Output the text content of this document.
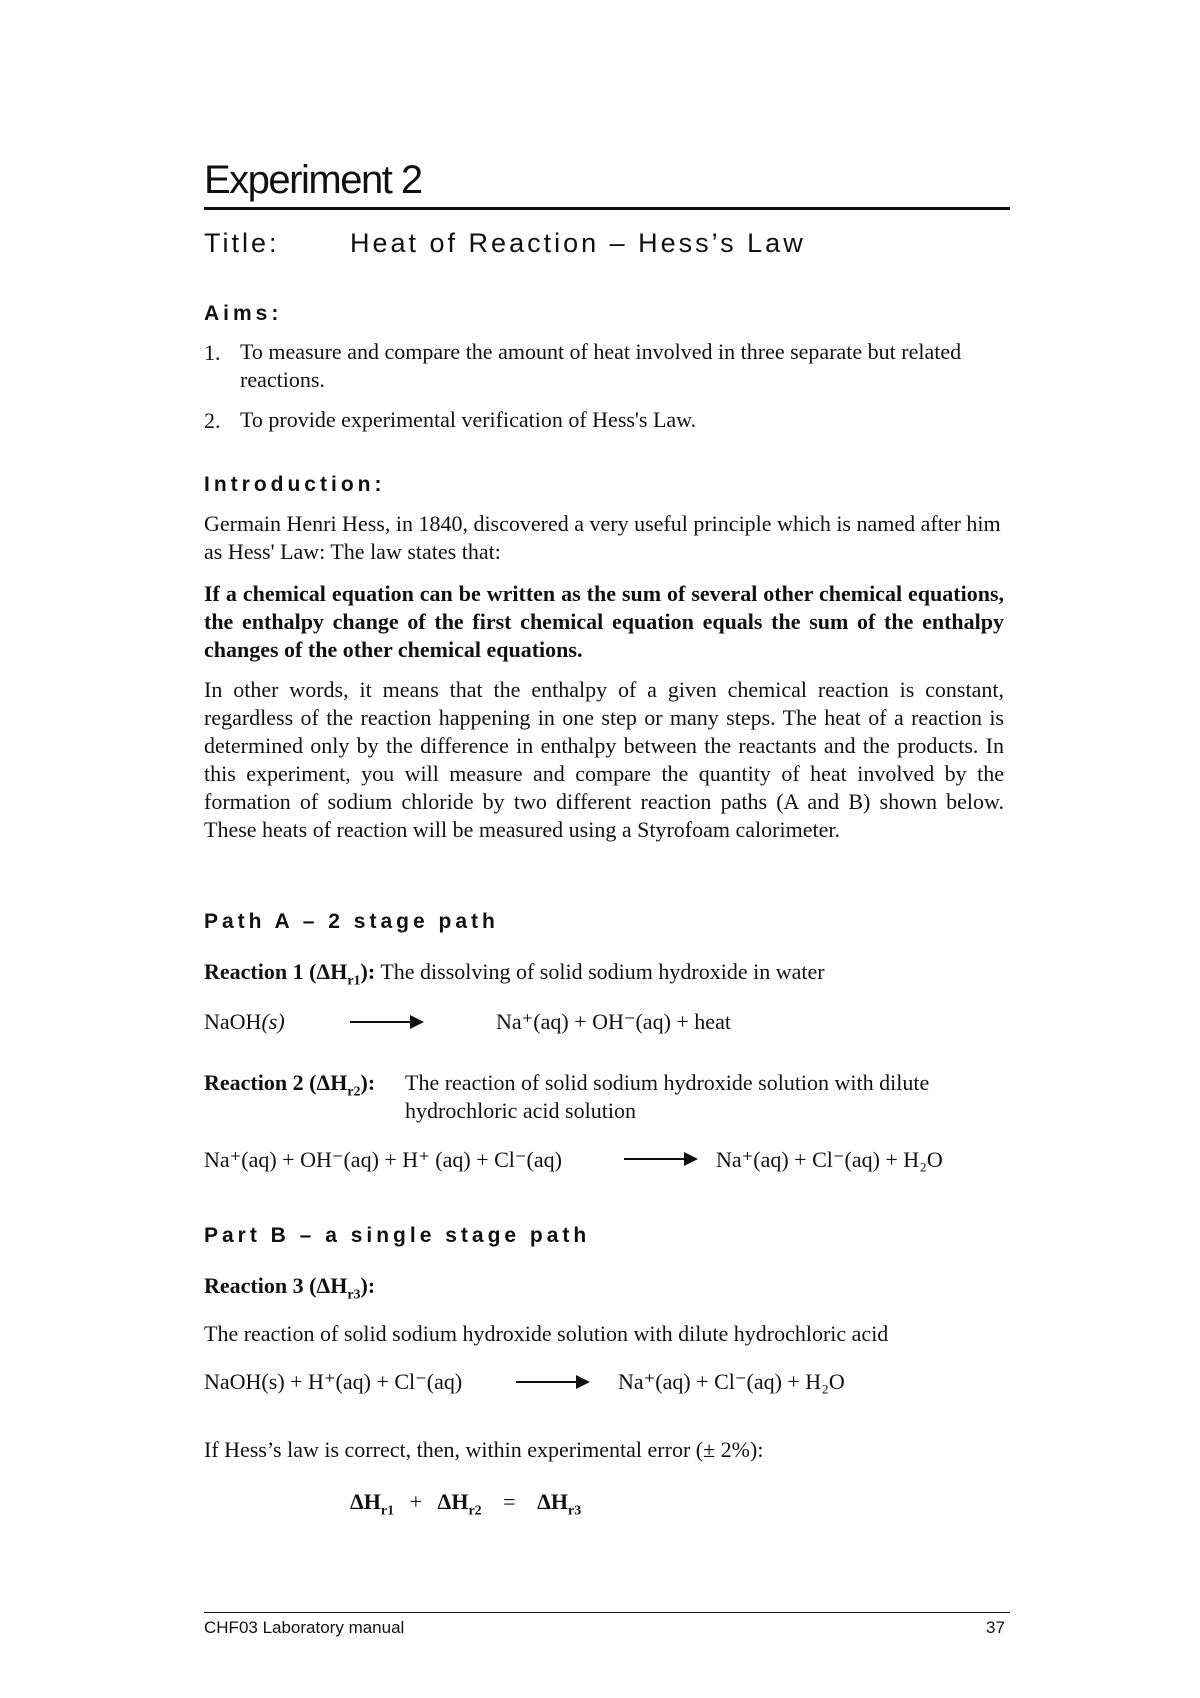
Experiment 2
Title:	Heat of Reaction – Hess’s Law
Aims:
1. To measure and compare the amount of heat involved in three separate but related reactions.
2. To provide experimental verification of Hess's Law.
Introduction:
Germain Henri Hess, in 1840, discovered a very useful principle which is named after him as Hess' Law: The law states that:
If a chemical equation can be written as the sum of several other chemical equations, the enthalpy change of the first chemical equation equals the sum of the enthalpy changes of the other chemical equations.
In other words, it means that the enthalpy of a given chemical reaction is constant, regardless of the reaction happening in one step or many steps. The heat of a reaction is determined only by the difference in enthalpy between the reactants and the products. In this experiment, you will measure and compare the quantity of heat involved by the formation of sodium chloride by two different reaction paths (A and B) shown below. These heats of reaction will be measured using a Styrofoam calorimeter.
Path A – 2 stage path
Reaction 1 $(\Delta H_{r1})$: The dissolving of solid sodium hydroxide in water
NaOH(s)	Na⁺(aq) + OH⁻(aq) + heat
Reaction 2 $(\Delta H_{r2})$: The reaction of solid sodium hydroxide solution with dilute hydrochloric acid solution
Na⁺(aq) + OH⁻(aq) + H⁺ (aq) + Cl⁻(aq)	Na⁺(aq) + Cl⁻(aq) + H₂O
Part B – a single stage path
Reaction 3 $(\Delta H_{r3})$:
The reaction of solid sodium hydroxide solution with dilute hydrochloric acid
NaOH(s) + H⁺(aq) + Cl⁻(aq)	Na⁺(aq) + Cl⁻(aq) + H₂O
If Hess’s law is correct, then, within experimental error (± 2%):
$\Delta H_{r1} + \Delta H_{r2} = \Delta H_{r3}$
CHF03 Laboratory manual	37
